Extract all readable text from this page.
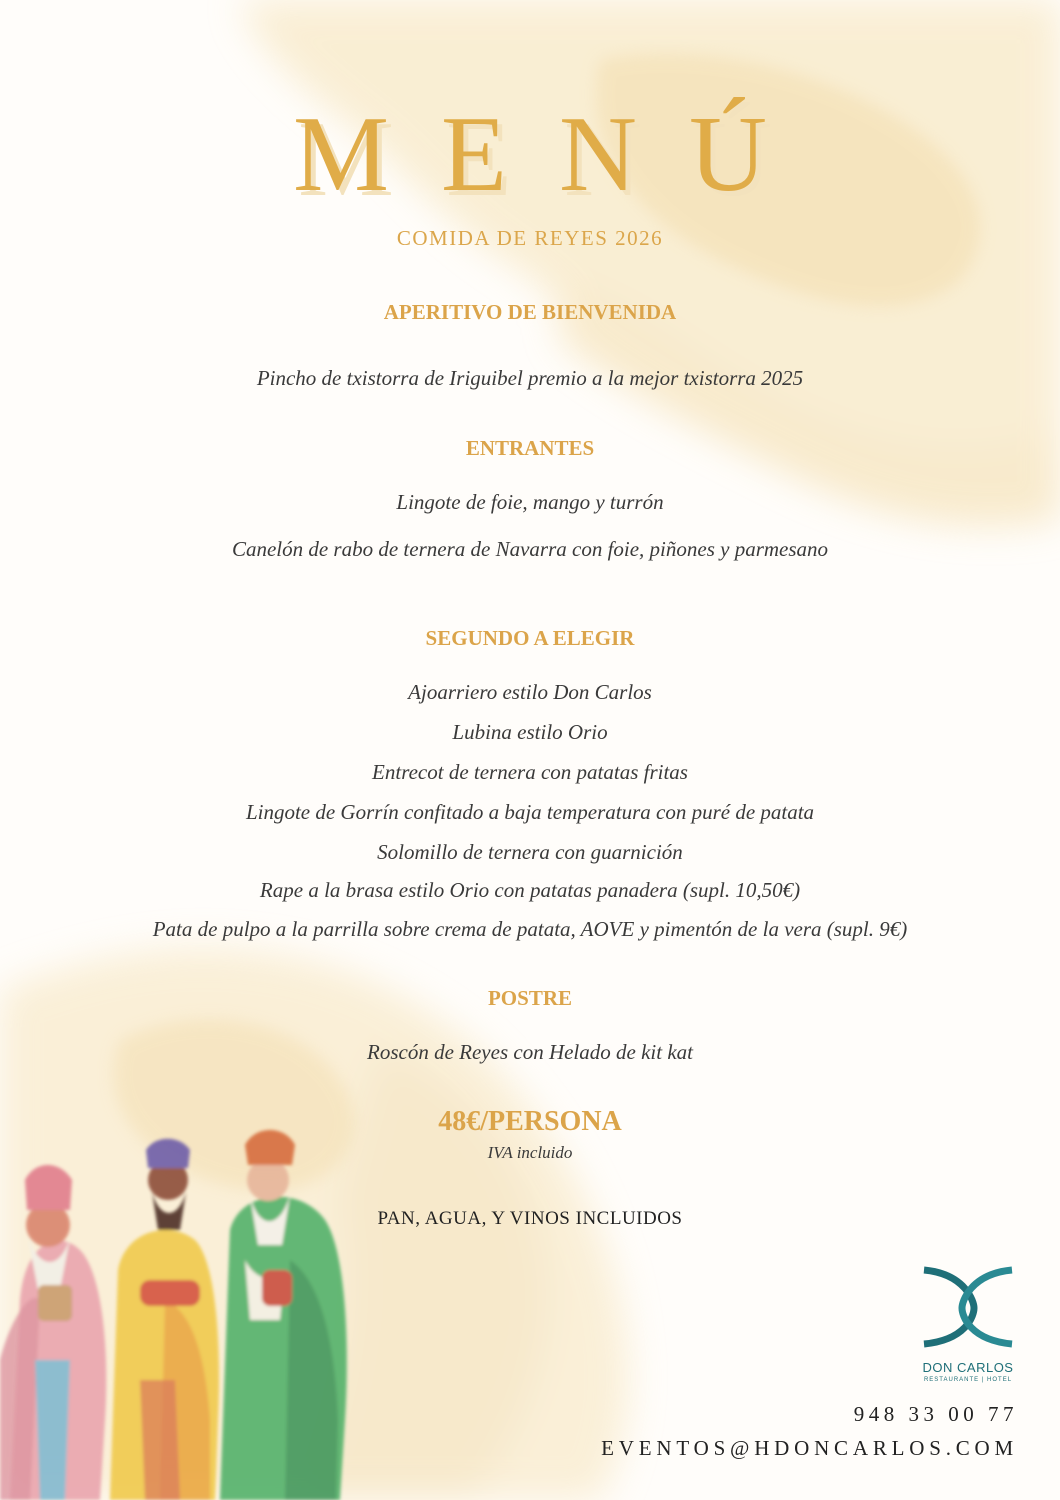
MENÚ
COMIDA DE REYES 2026
APERITIVO DE BIENVENIDA
Pincho de txistorra de Iriguibel premio a la mejor txistorra 2025
ENTRANTES
Lingote de foie, mango y turrón
Canelón de rabo de ternera de Navarra con foie, piñones y parmesano
SEGUNDO A ELEGIR
Ajoarriero estilo Don Carlos
Lubina estilo Orio
Entrecot de ternera con patatas fritas
Lingote de Gorrín confitado a baja temperatura con puré de patata
Solomillo de ternera con guarnición
Rape a la brasa estilo Orio con patatas panadera (supl. 10,50€)
Pata de pulpo a la parrilla sobre crema de patata, AOVE y pimentón de la vera (supl. 9€)
POSTRE
Roscón de Reyes con Helado de kit kat
48€/PERSONA
IVA incluido
PAN, AGUA, Y VINOS INCLUIDOS
DON CARLOS
RESTAURANTE | HOTEL
948 33 00 77
EVENTOS@HDONCARLOS.COM
